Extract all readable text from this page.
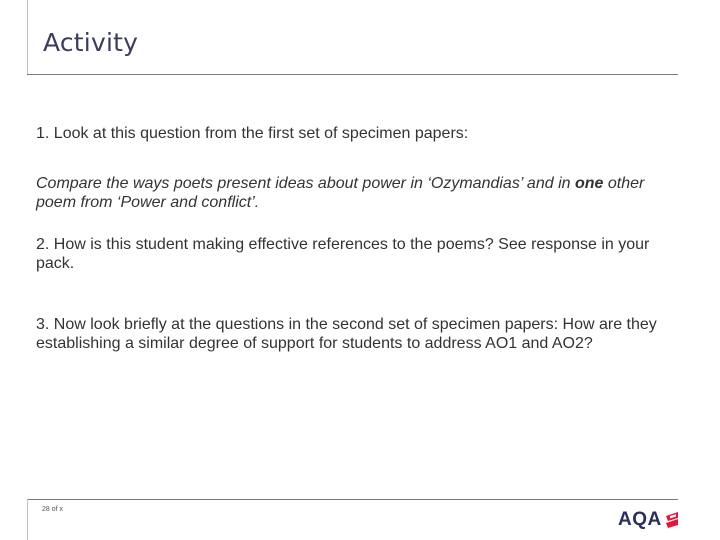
Activity

1. Look at this question from the first set of specimen papers:

Compare the ways poets present ideas about power in ‘Ozymandias’ and in one other poem from ‘Power and conflict’.

2. How is this student making effective references to the poems? See response in your pack.

3. Now look briefly at the questions in the second set of specimen papers: How are they establishing a similar degree of support for students to address AO1 and AO2?

28 of x	AQA
